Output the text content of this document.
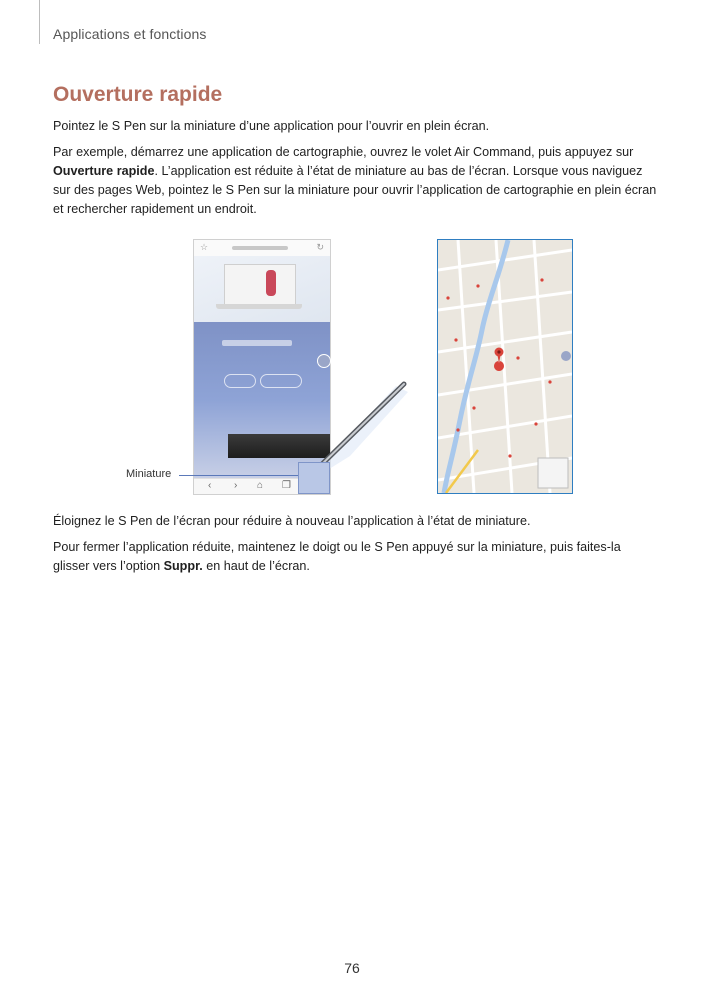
Applications et fonctions
Ouverture rapide

Pointez le S Pen sur la miniature d’une application pour l’ouvrir en plein écran.

Par exemple, démarrez une application de cartographie, ouvrez le volet Air Command, puis appuyez sur Ouverture rapide. L’application est réduite à l’état de miniature au bas de l’écran. Lorsque vous naviguez sur des pages Web, pointez le S Pen sur la miniature pour ouvrir l’application de cartographie en plein écran et rechercher rapidement un endroit.

☆	↻
‹ › ⌂ ❐
Miniature

Éloignez le S Pen de l’écran pour réduire à nouveau l’application à l’état de miniature.

Pour fermer l’application réduite, maintenez le doigt ou le S Pen appuyé sur la miniature, puis faites-la glisser vers l’option Suppr. en haut de l’écran.

76
